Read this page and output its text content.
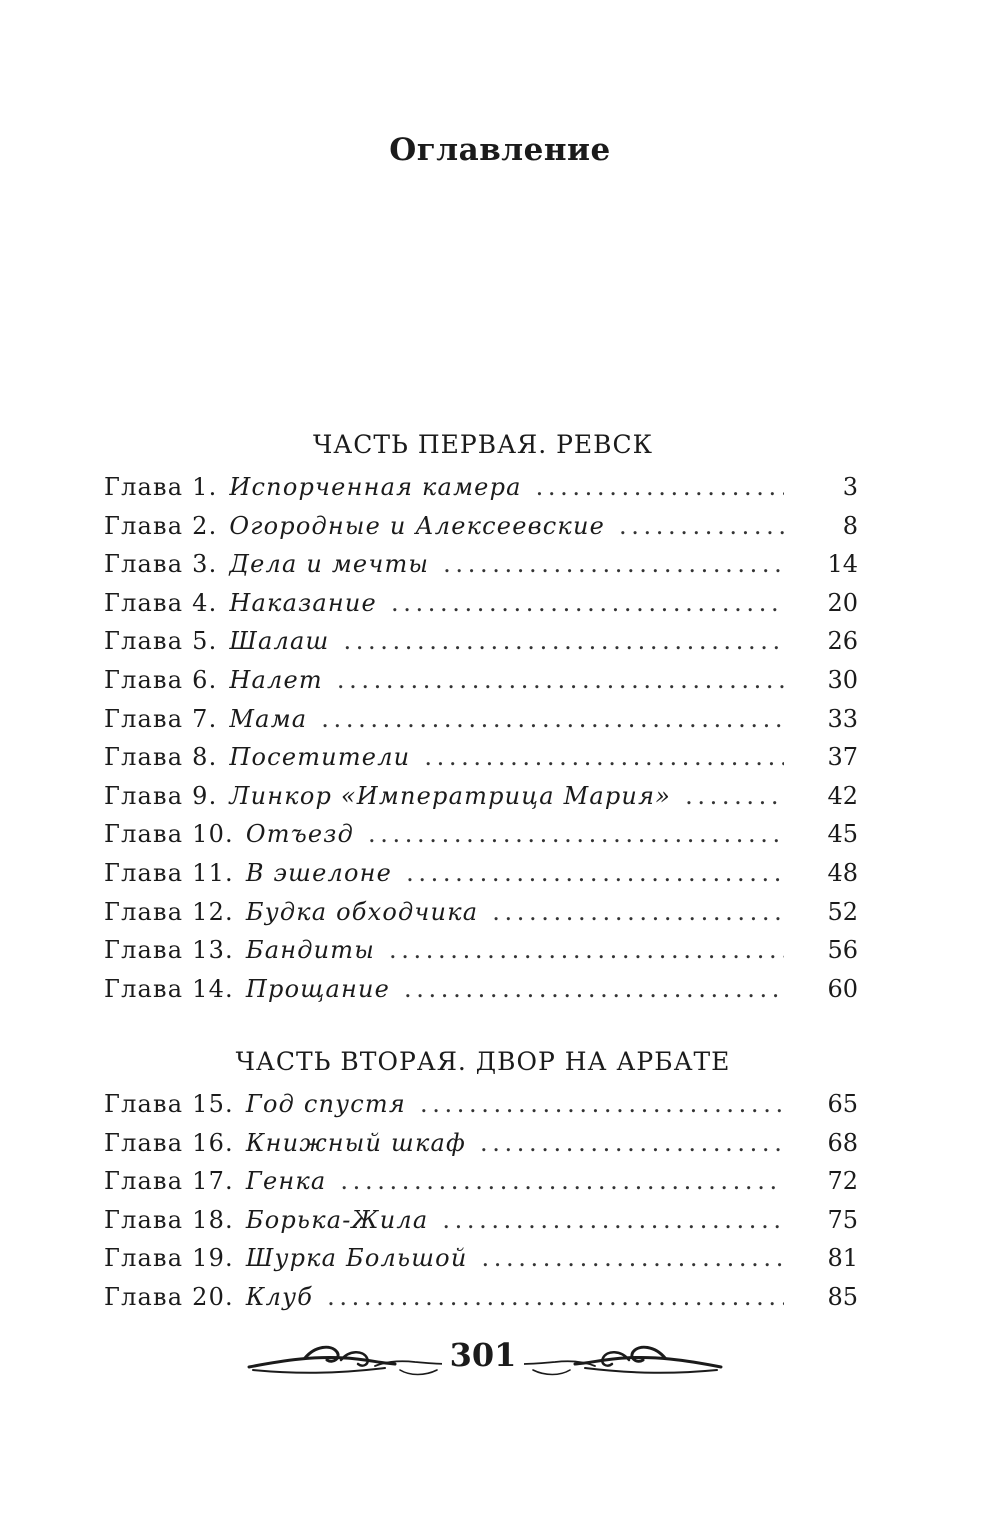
Оглавление
ЧАСТЬ ПЕРВАЯ. РЕВСК
Глава 1. Испорченная камера . . .	3
Глава 2. Огородные и Алексеевские . . .	8
Глава 3. Дела и мечты . . .	14
Глава 4. Наказание . . .	20
Глава 5. Шалаш . . .	26
Глава 6. Налет . . .	30
Глава 7. Мама . . .	33
Глава 8. Посетители . . .	37
Глава 9. Линкор «Императрица Мария» . . .	42
Глава 10. Отъезд . . .	45
Глава 11. В эшелоне . . .	48
Глава 12. Будка обходчика . . .	52
Глава 13. Бандиты . . .	56
Глава 14. Прощание . . .	60
ЧАСТЬ ВТОРАЯ. ДВОР НА АРБАТЕ
Глава 15. Год спустя . . .	65
Глава 16. Книжный шкаф . . .	68
Глава 17. Генка . . .	72
Глава 18. Борька-Жила . . .	75
Глава 19. Шурка Большой . . .	81
Глава 20. Клуб . . .	85
301
